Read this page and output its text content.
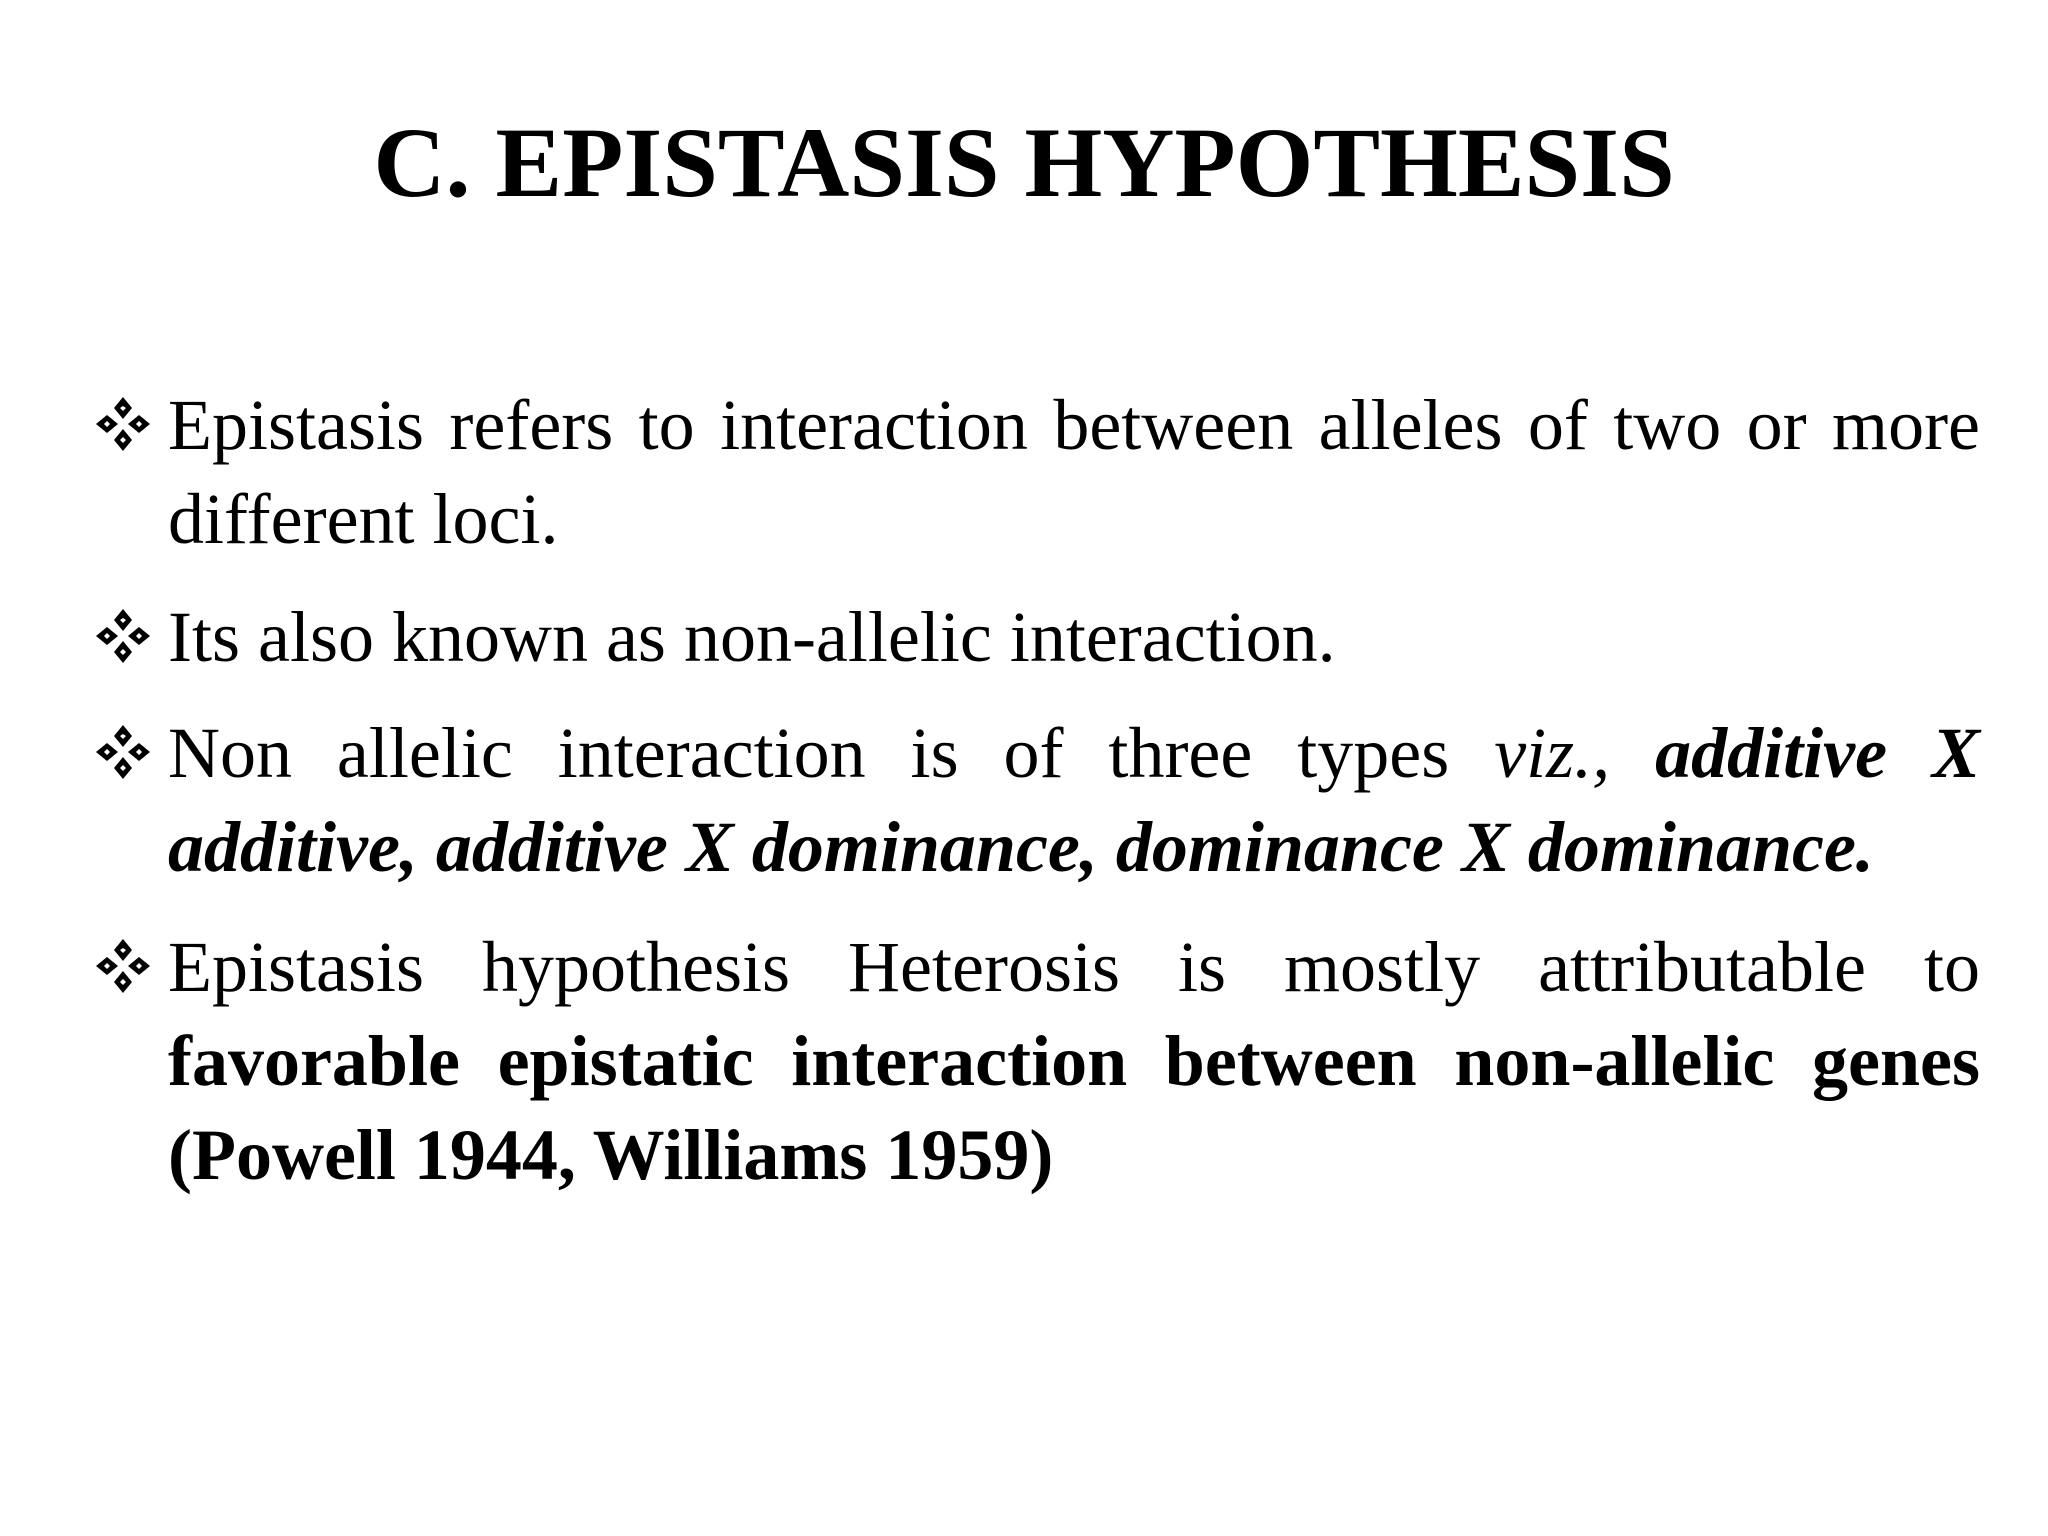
C. EPISTASIS HYPOTHESIS
Epistasis refers to interaction between alleles of two or more different loci.
Its also known as non-allelic interaction.
Non allelic interaction is of three types viz., additive X additive, additive X dominance, dominance X dominance.
Epistasis hypothesis Heterosis is mostly attributable to favorable epistatic interaction between non-allelic genes (Powell 1944, Williams 1959)
